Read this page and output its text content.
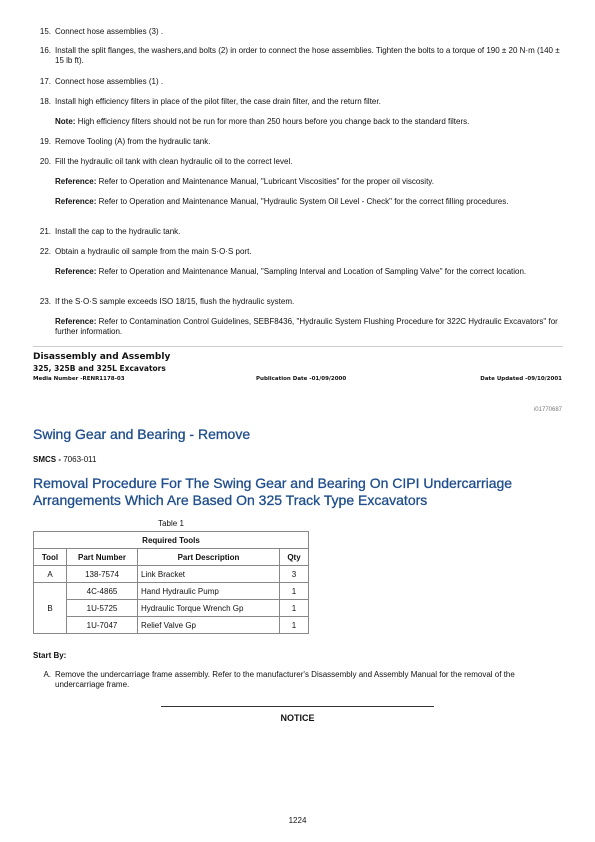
15. Connect hose assemblies (3) .
16. Install the split flanges, the washers,and bolts (2) in order to connect the hose assemblies. Tighten the bolts to a torque of 190 ± 20 N·m (140 ± 15 lb ft).
17. Connect hose assemblies (1) .
18. Install high efficiency filters in place of the pilot filter, the case drain filter, and the return filter.
Note: High efficiency filters should not be run for more than 250 hours before you change back to the standard filters.
19. Remove Tooling (A) from the hydraulic tank.
20. Fill the hydraulic oil tank with clean hydraulic oil to the correct level.
Reference: Refer to Operation and Maintenance Manual, "Lubricant Viscosities" for the proper oil viscosity.
Reference: Refer to Operation and Maintenance Manual, "Hydraulic System Oil Level - Check" for the correct filling procedures.
21. Install the cap to the hydraulic tank.
22. Obtain a hydraulic oil sample from the main S·O·S port.
Reference: Refer to Operation and Maintenance Manual, "Sampling Interval and Location of Sampling Valve" for the correct location.
23. If the S·O·S sample exceeds ISO 18/15, flush the hydraulic system.
Reference: Refer to Contamination Control Guidelines, SEBF8436, "Hydraulic System Flushing Procedure for 322C Hydraulic Excavators" for further information.
Disassembly and Assembly
325, 325B and 325L Excavators
Media Number -RENR1178-03	Publication Date -01/09/2000	Date Updated -09/10/2001
i01770687
Swing Gear and Bearing - Remove
SMCS - 7063-011
Removal Procedure For The Swing Gear and Bearing On CIPI Undercarriage Arrangements Which Are Based On 325 Track Type Excavators
Table 1
Required Tools			
Tool	Part Number	Part Description	Qty
A	138-7574	Link Bracket	3
B	4C-4865	Hand Hydraulic Pump	1
	1U-5725	Hydraulic Torque Wrench Gp	1
	1U-7047	Relief Valve Gp	1
Start By:
A. Remove the undercarriage frame assembly. Refer to the manufacturer's Disassembly and Assembly Manual for the removal of the undercarriage frame.
NOTICE
1224
